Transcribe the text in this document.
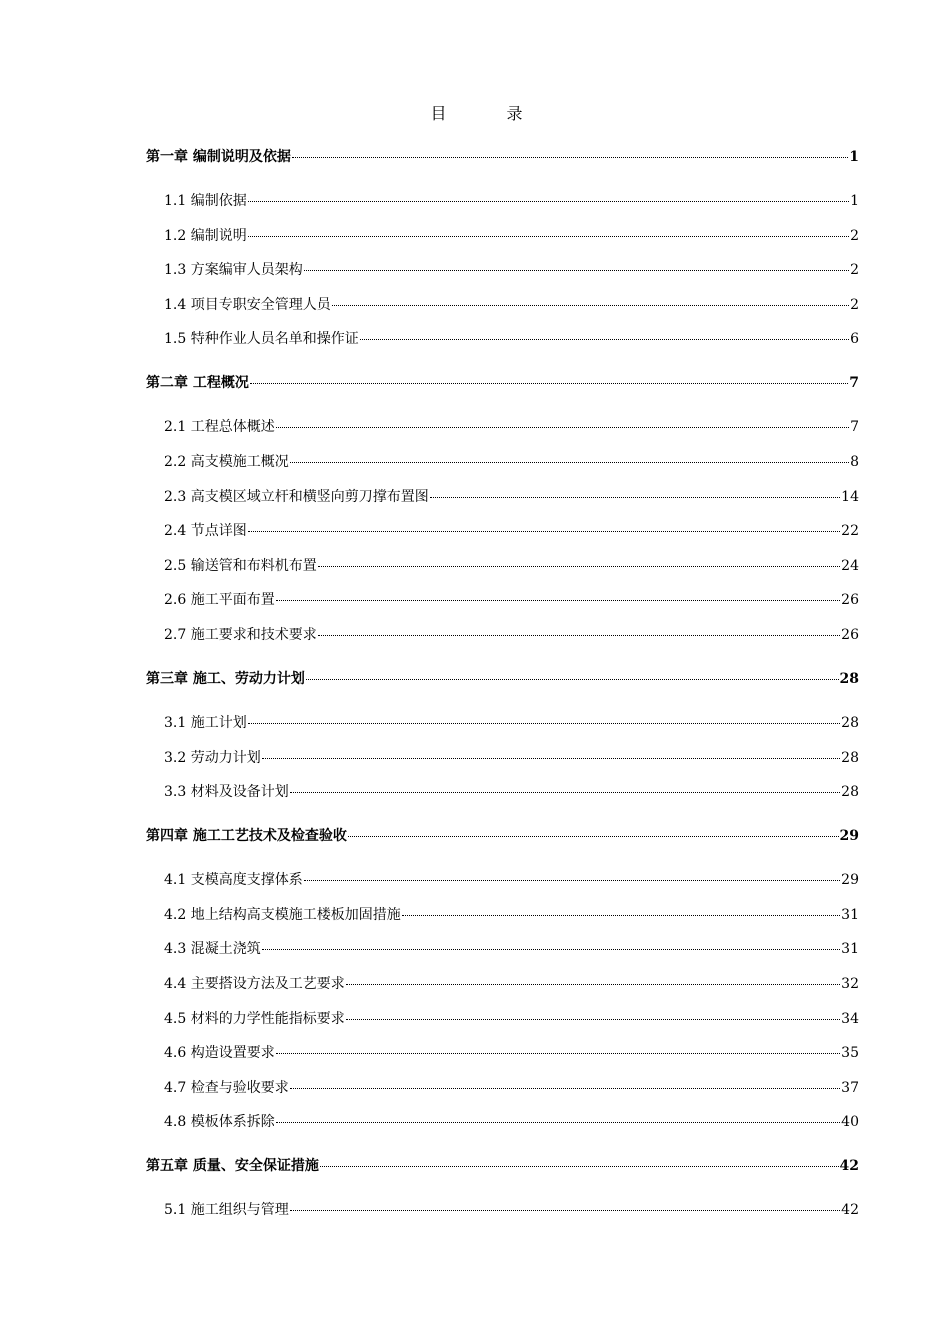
目　录
第一章 编制说明及依据	1
1.1 编制依据	1
1.2 编制说明	2
1.3 方案编审人员架构	2
1.4 项目专职安全管理人员	2
1.5 特种作业人员名单和操作证	6
第二章 工程概况	7
2.1 工程总体概述	7
2.2 高支模施工概况	8
2.3 高支模区域立杆和横竖向剪刀撑布置图	14
2.4 节点详图	22
2.5 输送管和布料机布置	24
2.6 施工平面布置	26
2.7 施工要求和技术要求	26
第三章 施工、劳动力计划	28
3.1 施工计划	28
3.2 劳动力计划	28
3.3 材料及设备计划	28
第四章 施工工艺技术及检查验收	29
4.1 支模高度支撑体系	29
4.2 地上结构高支模施工楼板加固措施	31
4.3 混凝土浇筑	31
4.4 主要搭设方法及工艺要求	32
4.5 材料的力学性能指标要求	34
4.6 构造设置要求	35
4.7 检查与验收要求	37
4.8 模板体系拆除	40
第五章 质量、安全保证措施	42
5.1 施工组织与管理	42
